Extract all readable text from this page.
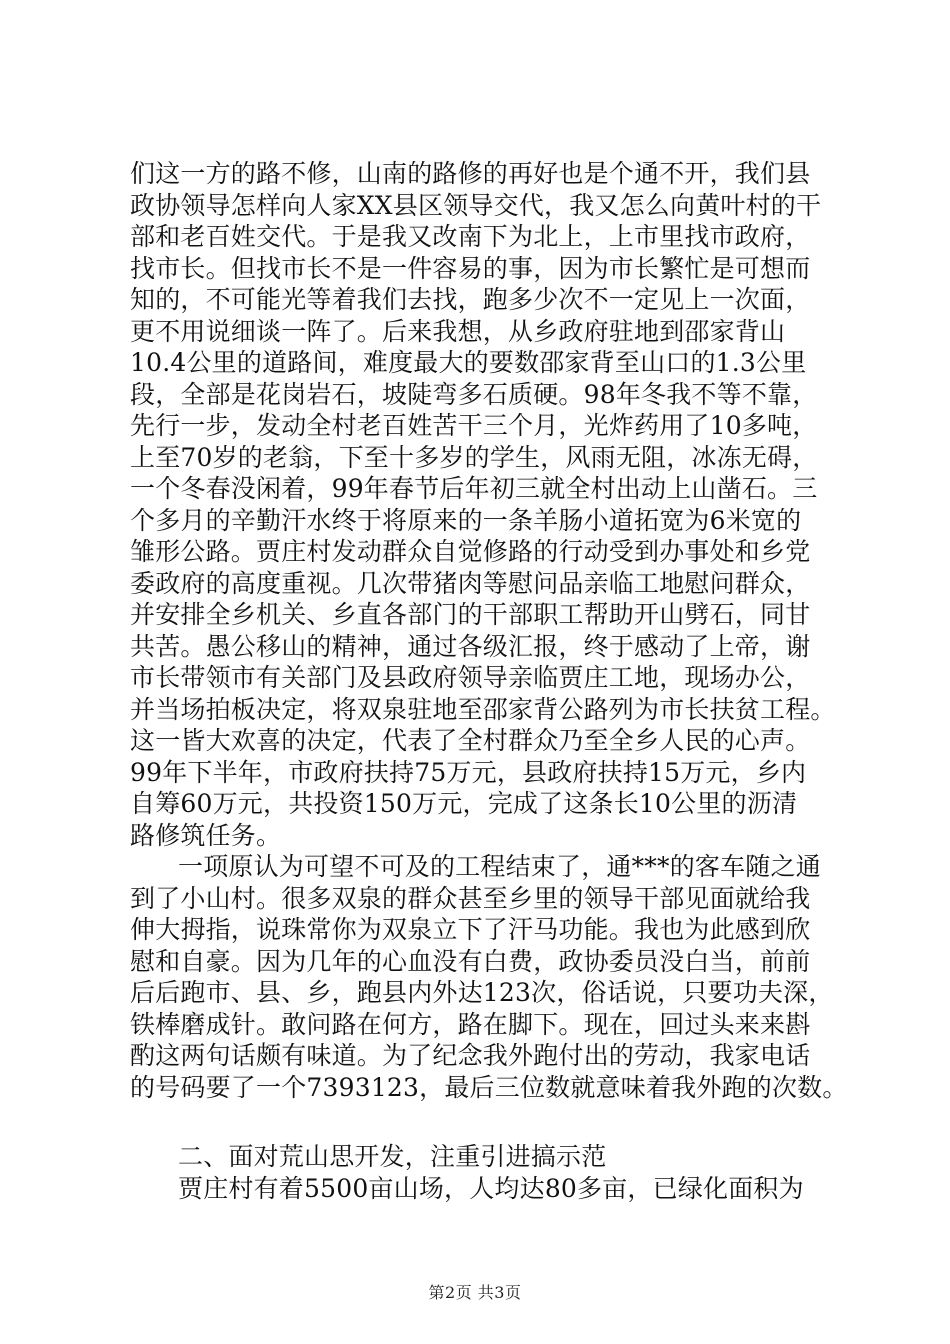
们这一方的路不修，山南的路修的再好也是个通不开，我们县
政协领导怎样向人家XX县区领导交代，我又怎么向黄叶村的干
部和老百姓交代。于是我又改南下为北上，上市里找市政府，
找市长。但找市长不是一件容易的事，因为市长繁忙是可想而
知的，不可能光等着我们去找，跑多少次不一定见上一次面，
更不用说细谈一阵了。后来我想，从乡政府驻地到邵家背山
10.4公里的道路间，难度最大的要数邵家背至山口的1.3公里
段，全部是花岗岩石，坡陡弯多石质硬。98年冬我不等不靠，
先行一步，发动全村老百姓苦干三个月，光炸药用了10多吨，
上至70岁的老翁，下至十多岁的学生，风雨无阻，冰冻无碍，
一个冬春没闲着，99年春节后年初三就全村出动上山凿石。三
个多月的辛勤汗水终于将原来的一条羊肠小道拓宽为6米宽的
雏形公路。贾庄村发动群众自觉修路的行动受到办事处和乡党
委政府的高度重视。几次带猪肉等慰问品亲临工地慰问群众，
并安排全乡机关、乡直各部门的干部职工帮助开山劈石，同甘
共苦。愚公移山的精神，通过各级汇报，终于感动了上帝，谢
市长带领市有关部门及县政府领导亲临贾庄工地，现场办公，
并当场拍板决定，将双泉驻地至邵家背公路列为市长扶贫工程。
这一皆大欢喜的决定，代表了全村群众乃至全乡人民的心声。
99年下半年，市政府扶持75万元，县政府扶持15万元，乡内
自筹60万元，共投资150万元，完成了这条长10公里的沥清
路修筑任务。
一项原认为可望不可及的工程结束了，通***的客车随之通
到了小山村。很多双泉的群众甚至乡里的领导干部见面就给我
伸大拇指，说珠常你为双泉立下了汗马功能。我也为此感到欣
慰和自豪。因为几年的心血没有白费，政协委员没白当，前前
后后跑市、县、乡，跑县内外达123次，俗话说，只要功夫深，
铁棒磨成针。敢问路在何方，路在脚下。现在，回过头来来斟
酌这两句话颇有味道。为了纪念我外跑付出的劳动，我家电话
的号码要了一个7393123，最后三位数就意味着我外跑的次数。
二、面对荒山思开发，注重引进搞示范
贾庄村有着5500亩山场，人均达80多亩，已绿化面积为
第2页 共3页
